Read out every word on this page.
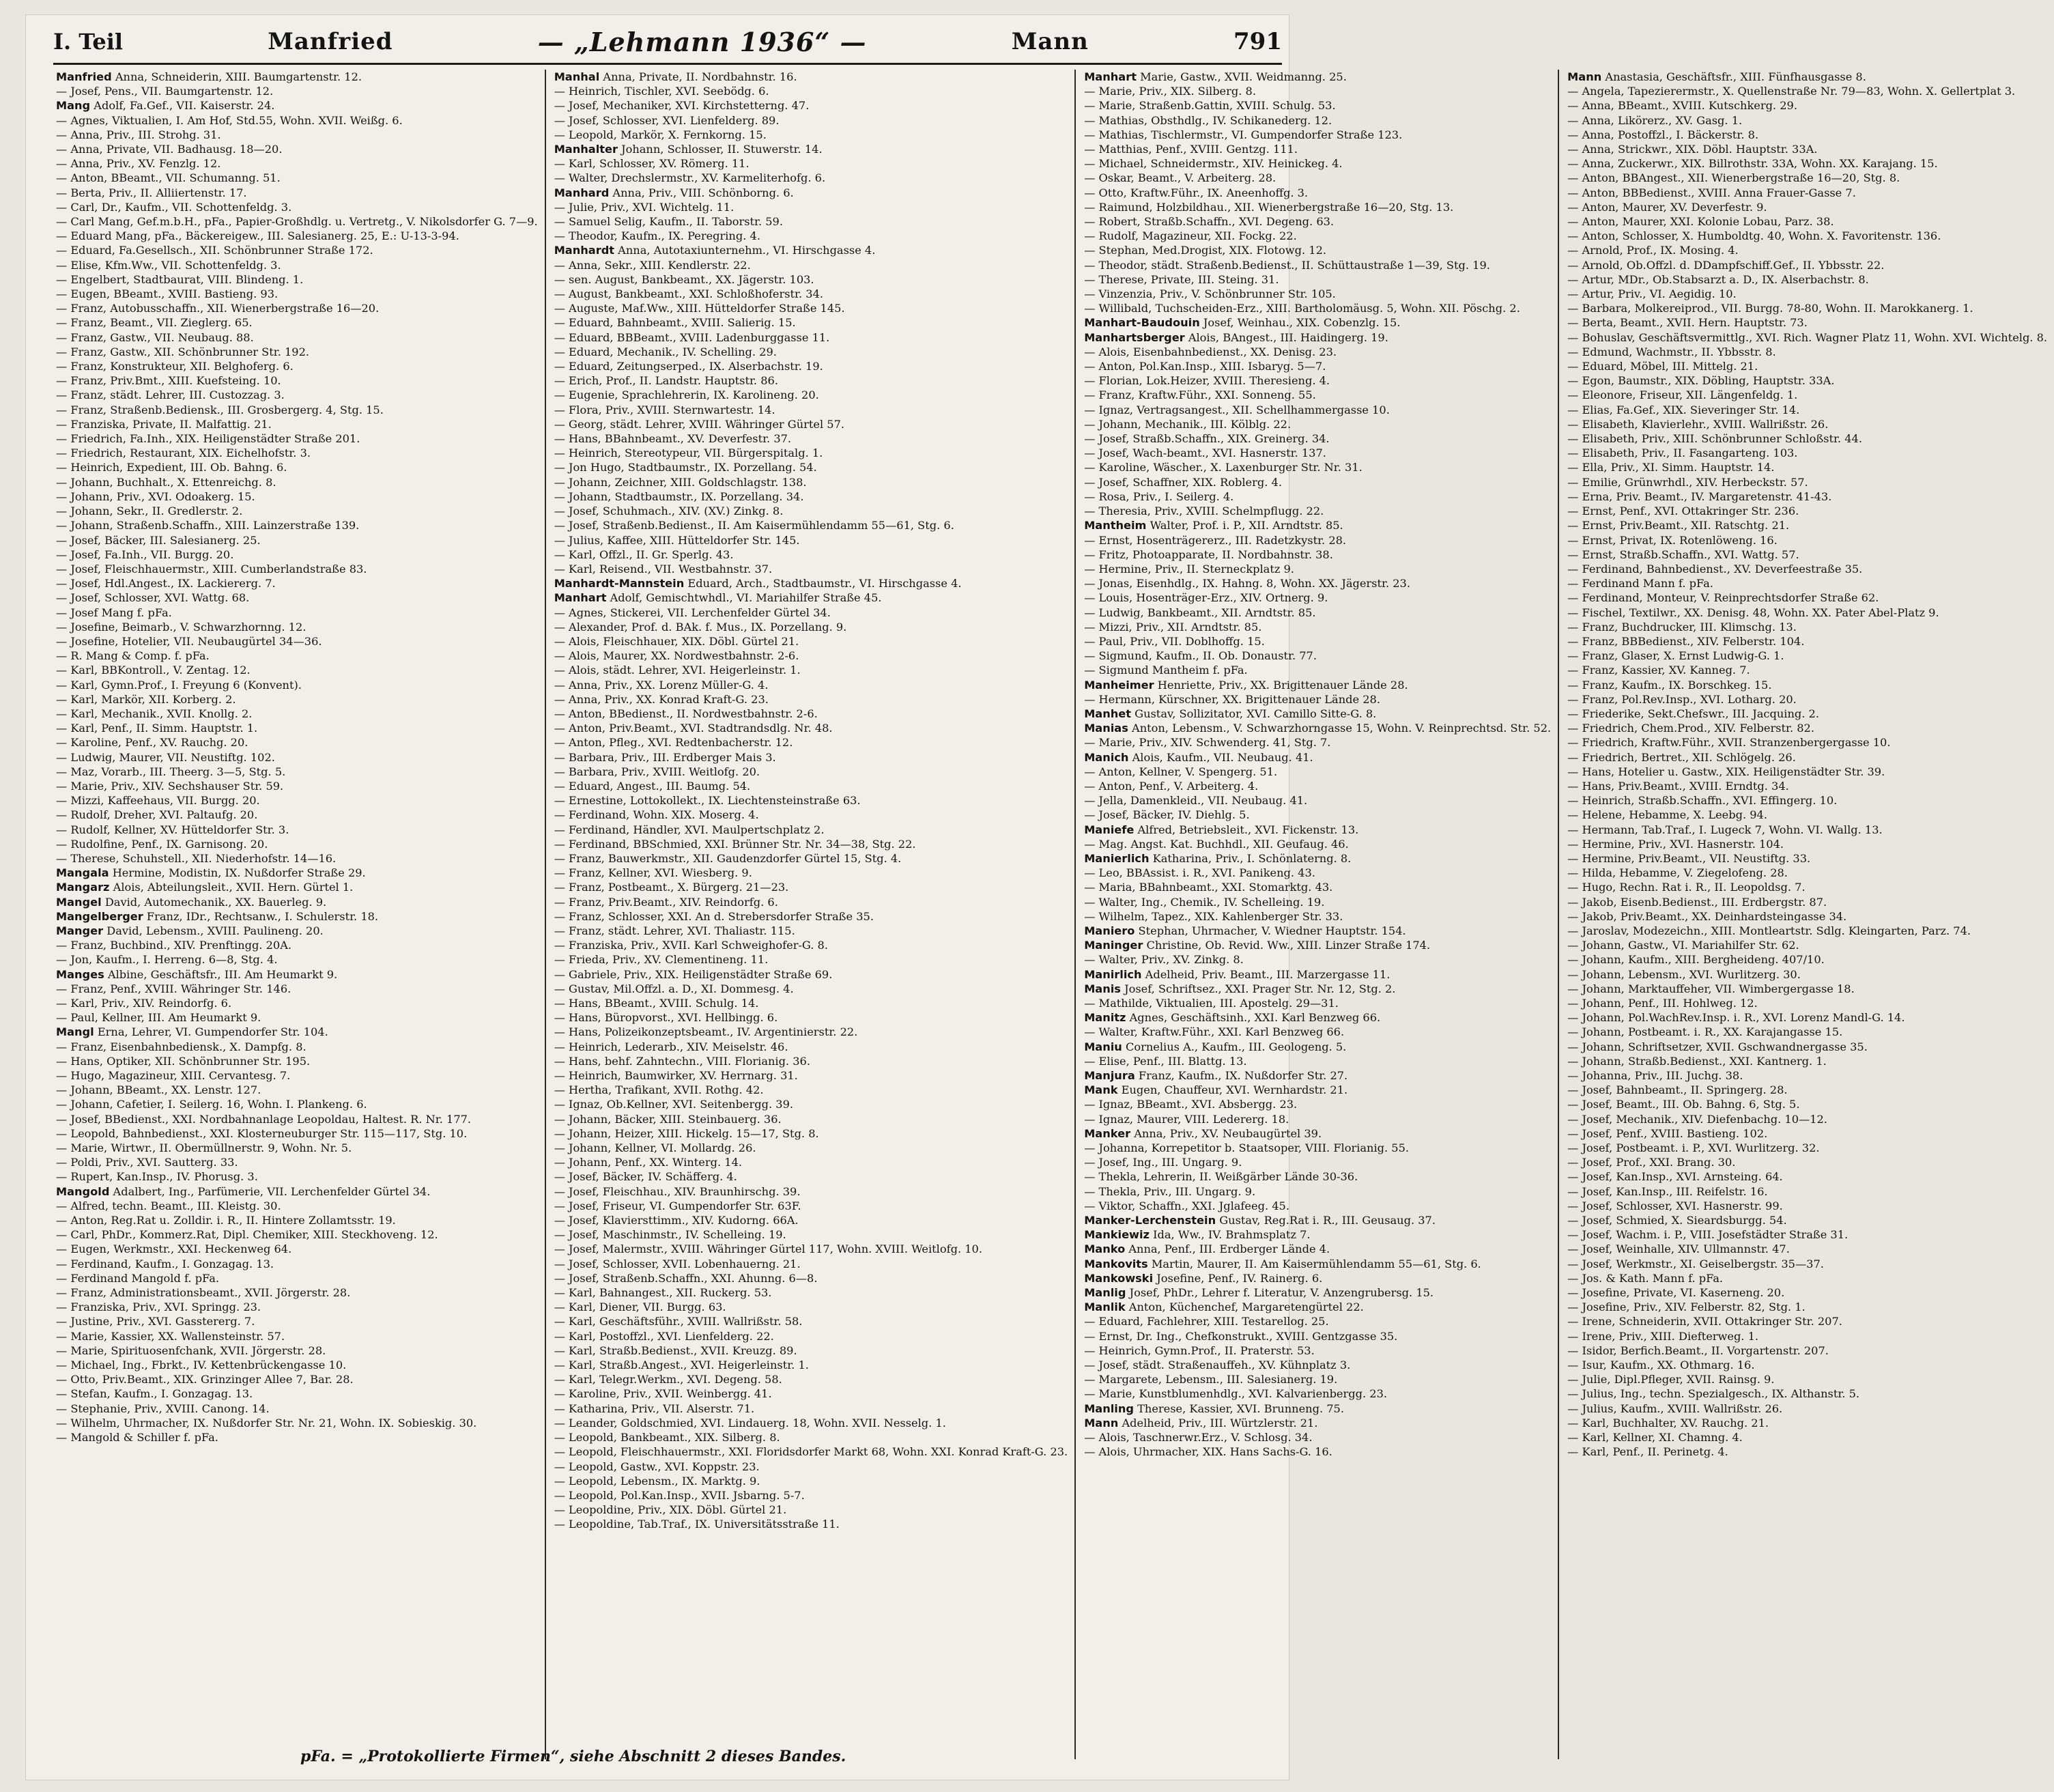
I. Teil	Manfried	— „Lehmann 1936“ —	Mann	791

Manfried Anna, Schneiderin, XIII. Baumgartenstr. 12.

— Josef, Pens., VII. Baumgartenstr. 12.

Mang Adolf, Fa.Gef., VII. Kaiserstr. 24.

— Agnes, Viktualien, I. Am Hof, Std.55, Wohn. XVII. Weißg. 6.

— Anna, Priv., III. Strohg. 31.

— Anna, Private, VII. Badhausg. 18—20.

— Anna, Priv., XV. Fenzlg. 12.

— Anton, BBeamt., VII. Schumanng. 51.

— Berta, Priv., II. Alliiertenstr. 17.

— Carl, Dr., Kaufm., VII. Schottenfeldg. 3.

— Carl Mang, Gef.m.b.H., pFa., Papier-Großhdlg. u. Vertretg., V. Nikolsdorfer G. 7—9.

— Eduard Mang, pFa., Bäckereigew., III. Salesianerg. 25, E.: U-13-3-94.

— Eduard, Fa.Gesellsch., XII. Schönbrunner Straße 172.

— Elise, Kfm.Ww., VII. Schottenfeldg. 3.

— Engelbert, Stadtbaurat, VIII. Blindeng. 1.

— Eugen, BBeamt., XVIII. Bastieng. 93.

— Franz, Autobusschaffn., XII. Wienerbergstraße 16—20.

— Franz, Beamt., VII. Zieglerg. 65.

— Franz, Gastw., VII. Neubaug. 88.

— Franz, Gastw., XII. Schönbrunner Str. 192.

— Franz, Konstrukteur, XII. Belghoferg. 6.

— Franz, Priv.Bmt., XIII. Kuefsteing. 10.

— Franz, städt. Lehrer, III. Custozzag. 3.

— Franz, Straßenb.Bediensk., III. Grosbergerg. 4, Stg. 15.

— Franziska, Private, II. Malfattig. 21.

— Friedrich, Fa.Inh., XIX. Heiligenstädter Straße 201.

— Friedrich, Restaurant, XIX. Eichelhofstr. 3.

— Heinrich, Expedient, III. Ob. Bahng. 6.

— Johann, Buchhalt., X. Ettenreichg. 8.

— Johann, Priv., XVI. Odoakerg. 15.

— Johann, Sekr., II. Gredlerstr. 2.

— Johann, Straßenb.Schaffn., XIII. Lainzerstraße 139.

— Josef, Bäcker, III. Salesianerg. 25.

— Josef, Fa.Inh., VII. Burgg. 20.

— Josef, Fleischhauermstr., XIII. Cumberlandstraße 83.

— Josef, Hdl.Angest., IX. Lackiererg. 7.

— Josef, Schlosser, XVI. Wattg. 68.

— Josef Mang f. pFa.

— Josefine, Beimarb., V. Schwarzhornng. 12.

— Josefine, Hotelier, VII. Neubaugürtel 34—36.

— R. Mang & Comp. f. pFa.

— Karl, BBKontroll., V. Zentag. 12.

— Karl, Gymn.Prof., I. Freyung 6 (Konvent).

— Karl, Markör, XII. Korberg. 2.

— Karl, Mechanik., XVII. Knollg. 2.

— Karl, Penf., II. Simm. Hauptstr. 1.

— Karoline, Penf., XV. Rauchg. 20.

— Ludwig, Maurer, VII. Neustiftg. 102.

— Maz, Vorarb., III. Theerg. 3—5, Stg. 5.

— Marie, Priv., XIV. Sechshauser Str. 59.

— Mizzi, Kaffeehaus, VII. Burgg. 20.

— Rudolf, Dreher, XVI. Paltaufg. 20.

— Rudolf, Kellner, XV. Hütteldorfer Str. 3.

— Rudolfine, Penf., IX. Garnisong. 20.

— Therese, Schuhstell., XII. Niederhofstr. 14—16.

Mangala Hermine, Modistin, IX. Nußdorfer Straße 29.

Mangarz Alois, Abteilungsleit., XVII. Hern. Gürtel 1.

Mangel David, Automechanik., XX. Bauerleg. 9.

Mangelberger Franz, IDr., Rechtsanw., I. Schulerstr. 18.

Manger David, Lebensm., XVIII. Paulineng. 20.

— Franz, Buchbind., XIV. Prenftingg. 20A.

— Jon, Kaufm., I. Herreng. 6—8, Stg. 4.

Manges Albine, Geschäftsfr., III. Am Heumarkt 9.

— Franz, Penf., XVIII. Währinger Str. 146.

— Karl, Priv., XIV. Reindorfg. 6.

— Paul, Kellner, III. Am Heumarkt 9.

Mangl Erna, Lehrer, VI. Gumpendorfer Str. 104.

— Franz, Eisenbahnbediensk., X. Dampfg. 8.

— Hans, Optiker, XII. Schönbrunner Str. 195.

— Hugo, Magazineur, XIII. Cervantesg. 7.

— Johann, BBeamt., XX. Lenstr. 127.

— Johann, Cafetier, I. Seilerg. 16, Wohn. I. Plankeng. 6.

— Josef, BBedienst., XXI. Nordbahnanlage Leopoldau, Haltest. R. Nr. 177.

— Leopold, Bahnbedienst., XXI. Klosterneuburger Str. 115—117, Stg. 10.

— Marie, Wirtwr., II. Obermüllnerstr. 9, Wohn. Nr. 5.

— Poldi, Priv., XVI. Sautterg. 33.

— Rupert, Kan.Insp., IV. Phorusg. 3.

Mangold Adalbert, Ing., Parfümerie, VII. Lerchenfelder Gürtel 34.

— Alfred, techn. Beamt., III. Kleistg. 30.

— Anton, Reg.Rat u. Zolldir. i. R., II. Hintere Zollamtsstr. 19.

— Carl, PhDr., Kommerz.Rat, Dipl. Chemiker, XIII. Steckhoveng. 12.

— Eugen, Werkmstr., XXI. Heckenweg 64.

— Ferdinand, Kaufm., I. Gonzagag. 13.

— Ferdinand Mangold f. pFa.

— Franz, Administrationsbeamt., XVII. Jörgerstr. 28.

— Franziska, Priv., XVI. Springg. 23.

— Justine, Priv., XVI. Gasstererg. 7.

— Marie, Kassier, XX. Wallensteinstr. 57.

— Marie, Spirituosenfchank, XVII. Jörgerstr. 28.

— Michael, Ing., Fbrkt., IV. Kettenbrückengasse 10.

— Otto, Priv.Beamt., XIX. Grinzinger Allee 7, Bar. 28.

— Stefan, Kaufm., I. Gonzagag. 13.

— Stephanie, Priv., XVIII. Canong. 14.

— Wilhelm, Uhrmacher, IX. Nußdorfer Str. Nr. 21, Wohn. IX. Sobieskig. 30.

— Mangold & Schiller f. pFa.

Manhal Anna, Private, II. Nordbahnstr. 16.

— Heinrich, Tischler, XVI. Seebödg. 6.

— Josef, Mechaniker, XVI. Kirchstetterng. 47.

— Josef, Schlosser, XVI. Lienfelderg. 89.

— Leopold, Markör, X. Fernkorng. 15.

Manhalter Johann, Schlosser, II. Stuwerstr. 14.

— Karl, Schlosser, XV. Römerg. 11.

— Walter, Drechslermstr., XV. Karmeliterhofg. 6.

Manhard Anna, Priv., VIII. Schönborng. 6.

— Julie, Priv., XVI. Wichtelg. 11.

— Samuel Selig, Kaufm., II. Taborstr. 59.

— Theodor, Kaufm., IX. Peregring. 4.

Manhardt Anna, Autotaxiunternehm., VI. Hirschgasse 4.

— Anna, Sekr., XIII. Kendlerstr. 22.

— sen. August, Bankbeamt., XX. Jägerstr. 103.

— August, Bankbeamt., XXI. Schloßhoferstr. 34.

— Auguste, Maf.Ww., XIII. Hütteldorfer Straße 145.

— Eduard, Bahnbeamt., XVIII. Salierig. 15.

— Eduard, BBBeamt., XVIII. Ladenburggasse 11.

— Eduard, Mechanik., IV. Schelling. 29.

— Eduard, Zeitungserped., IX. Alserbachstr. 19.

— Erich, Prof., II. Landstr. Hauptstr. 86.

— Eugenie, Sprachlehrerin, IX. Karolineng. 20.

— Flora, Priv., XVIII. Sternwartestr. 14.

— Georg, städt. Lehrer, XVIII. Währinger Gürtel 57.

— Hans, BBahnbeamt., XV. Deverfestr. 37.

— Heinrich, Stereotypeur, VII. Bürgerspitalg. 1.

— Jon Hugo, Stadtbaumstr., IX. Porzellang. 54.

— Johann, Zeichner, XIII. Goldschlagstr. 138.

— Johann, Stadtbaumstr., IX. Porzellang. 34.

— Josef, Schuhmach., XIV. (XV.) Zinkg. 8.

— Josef, Straßenb.Bedienst., II. Am Kaisermühlendamm 55—61, Stg. 6.

— Julius, Kaffee, XIII. Hütteldorfer Str. 145.

— Karl, Offzl., II. Gr. Sperlg. 43.

— Karl, Reisend., VII. Westbahnstr. 37.

Manhardt-Mannstein Eduard, Arch., Stadtbaumstr., VI. Hirschgasse 4.

Manhart Adolf, Gemischtwhdl., VI. Mariahilfer Straße 45.

— Agnes, Stickerei, VII. Lerchenfelder Gürtel 34.

— Alexander, Prof. d. BAk. f. Mus., IX. Porzellang. 9.

— Alois, Fleischhauer, XIX. Döbl. Gürtel 21.

— Alois, Maurer, XX. Nordwestbahnstr. 2-6.

— Alois, städt. Lehrer, XVI. Heigerleinstr. 1.

— Anna, Priv., XX. Lorenz Müller-G. 4.

— Anna, Priv., XX. Konrad Kraft-G. 23.

— Anton, BBedienst., II. Nordwestbahnstr. 2-6.

— Anton, Priv.Beamt., XVI. Stadtrandsdlg. Nr. 48.

— Anton, Pfleg., XVI. Redtenbacherstr. 12.

— Barbara, Priv., III. Erdberger Mais 3.

— Barbara, Priv., XVIII. Weitlofg. 20.

— Eduard, Angest., III. Baumg. 54.

— Ernestine, Lottokollekt., IX. Liechtensteinstraße 63.

— Ferdinand, Wohn. XIX. Moserg. 4.

— Ferdinand, Händler, XVI. Maulpertschplatz 2.

— Ferdinand, BBSchmied, XXI. Brünner Str. Nr. 34—38, Stg. 22.

— Franz, Bauwerkmstr., XII. Gaudenzdorfer Gürtel 15, Stg. 4.

— Franz, Kellner, XVI. Wiesberg. 9.

— Franz, Postbeamt., X. Bürgerg. 21—23.

— Franz, Priv.Beamt., XIV. Reindorfg. 6.

— Franz, Schlosser, XXI. An d. Strebersdorfer Straße 35.

— Franz, städt. Lehrer, XVI. Thaliastr. 115.

— Franziska, Priv., XVII. Karl Schweighofer-G. 8.

— Frieda, Priv., XV. Clementineng. 11.

— Gabriele, Priv., XIX. Heiligenstädter Straße 69.

— Gustav, Mil.Offzl. a. D., XI. Dommesg. 4.

— Hans, BBeamt., XVIII. Schulg. 14.

— Hans, Büropvorst., XVI. Hellbingg. 6.

— Hans, Polizeikonzeptsbeamt., IV. Argentinierstr. 22.

— Heinrich, Lederarb., XIV. Meiselstr. 46.

— Hans, behf. Zahntechn., VIII. Florianig. 36.

— Heinrich, Baumwirker, XV. Herrnarg. 31.

— Hertha, Trafikant, XVII. Rothg. 42.

— Ignaz, Ob.Kellner, XVI. Seitenbergg. 39.

— Johann, Bäcker, XIII. Steinbauerg. 36.

— Johann, Heizer, XIII. Hickelg. 15—17, Stg. 8.

— Johann, Kellner, VI. Mollardg. 26.

— Johann, Penf., XX. Winterg. 14.

— Josef, Bäcker, IV. Schäfferg. 4.

— Josef, Fleischhau., XIV. Braunhirschg. 39.

— Josef, Friseur, VI. Gumpendorfer Str. 63F.

— Josef, Klaviersttimm., XIV. Kudorng. 66A.

— Josef, Maschinmstr., IV. Schelleing. 19.

— Josef, Malermstr., XVIII. Währinger Gürtel 117, Wohn. XVIII. Weitlofg. 10.

— Josef, Schlosser, XVII. Lobenhauerng. 21.

— Josef, Straßenb.Schaffn., XXI. Ahunng. 6—8.

— Karl, Bahnangest., XII. Ruckerg. 53.

— Karl, Diener, VII. Burgg. 63.

— Karl, Geschäftsführ., XVIII. Wallrißstr. 58.

— Karl, Postoffzl., XVI. Lienfelderg. 22.

— Karl, Straßb.Bedienst., XVII. Kreuzg. 89.

— Karl, Straßb.Angest., XVI. Heigerleinstr. 1.

— Karl, Telegr.Werkm., XVI. Degeng. 58.

— Karoline, Priv., XVII. Weinbergg. 41.

— Katharina, Priv., VII. Alserstr. 71.

— Leander, Goldschmied, XVI. Lindauerg. 18, Wohn. XVII. Nesselg. 1.

— Leopold, Bankbeamt., XIX. Silberg. 8.

— Leopold, Fleischhauermstr., XXI. Floridsdorfer Markt 68, Wohn. XXI. Konrad Kraft-G. 23.

— Leopold, Gastw., XVI. Koppstr. 23.

— Leopold, Lebensm., IX. Marktg. 9.

— Leopold, Pol.Kan.Insp., XVII. Jsbarng. 5-7.

— Leopoldine, Priv., XIX. Döbl. Gürtel 21.

— Leopoldine, Tab.Traf., IX. Universitätsstraße 11.

Manhart Marie, Gastw., XVII. Weidmanng. 25.

— Marie, Priv., XIX. Silberg. 8.

— Marie, Straßenb.Gattin, XVIII. Schulg. 53.

— Mathias, Obsthdlg., IV. Schikanederg. 12.

— Mathias, Tischlermstr., VI. Gumpendorfer Straße 123.

— Matthias, Penf., XVIII. Gentzg. 111.

— Michael, Schneidermstr., XIV. Heinickeg. 4.

— Oskar, Beamt., V. Arbeiterg. 28.

— Otto, Kraftw.Führ., IX. Aneenhoffg. 3.

— Raimund, Holzbildhau., XII. Wienerbergstraße 16—20, Stg. 13.

— Robert, Straßb.Schaffn., XVI. Degeng. 63.

— Rudolf, Magazineur, XII. Fockg. 22.

— Stephan, Med.Drogist, XIX. Flotowg. 12.

— Theodor, städt. Straßenb.Bedienst., II. Schüttaustraße 1—39, Stg. 19.

— Therese, Private, III. Steing. 31.

— Vinzenzia, Priv., V. Schönbrunner Str. 105.

— Willibald, Tuchscheiden-Erz., XIII. Bartholomäusg. 5, Wohn. XII. Pöschg. 2.

Manhart-Baudouin Josef, Weinhau., XIX. Cobenzlg. 15.

Manhartsberger Alois, BAngest., III. Haidingerg. 19.

— Alois, Eisenbahnbedienst., XX. Denisg. 23.

— Anton, Pol.Kan.Insp., XIII. Isbaryg. 5—7.

— Florian, Lok.Heizer, XVIII. Theresieng. 4.

— Franz, Kraftw.Führ., XXI. Sonneng. 55.

— Ignaz, Vertragsangest., XII. Schellhammergasse 10.

— Johann, Mechanik., III. Kölblg. 22.

— Josef, Straßb.Schaffn., XIX. Greinerg. 34.

— Josef, Wach-beamt., XVI. Hasnerstr. 137.

— Karoline, Wäscher., X. Laxenburger Str. Nr. 31.

— Josef, Schaffner, XIX. Roblerg. 4.

— Rosa, Priv., I. Seilerg. 4.

— Theresia, Priv., XVIII. Schelmpflugg. 22.

Mantheim Walter, Prof. i. P., XII. Arndtstr. 85.

— Ernst, Hosenträgererz., III. Radetzkystr. 28.

— Fritz, Photoapparate, II. Nordbahnstr. 38.

— Hermine, Priv., II. Sterneckplatz 9.

— Jonas, Eisenhdlg., IX. Hahng. 8, Wohn. XX. Jägerstr. 23.

— Louis, Hosenträger-Erz., XIV. Ortnerg. 9.

— Ludwig, Bankbeamt., XII. Arndtstr. 85.

— Mizzi, Priv., XII. Arndtstr. 85.

— Paul, Priv., VII. Doblhoffg. 15.

— Sigmund, Kaufm., II. Ob. Donaustr. 77.

— Sigmund Mantheim f. pFa.

Manheimer Henriette, Priv., XX. Brigittenauer Lände 28.

— Hermann, Kürschner, XX. Brigittenauer Lände 28.

Manhet Gustav, Sollizitator, XVI. Camillo Sitte-G. 8.

Manias Anton, Lebensm., V. Schwarzhorngasse 15, Wohn. V. Reinprechtsd. Str. 52.

— Marie, Priv., XIV. Schwenderg. 41, Stg. 7.

Manich Alois, Kaufm., VII. Neubaug. 41.

— Anton, Kellner, V. Spengerg. 51.

— Anton, Penf., V. Arbeiterg. 4.

— Jella, Damenkleid., VII. Neubaug. 41.

— Josef, Bäcker, IV. Diehlg. 5.

Maniefe Alfred, Betriebsleit., XVI. Fickenstr. 13.

— Mag. Angst. Kat. Buchhdl., XII. Geufaug. 46.

Manierlich Katharina, Priv., I. Schönlaterng. 8.

— Leo, BBAssist. i. R., XVI. Panikeng. 43.

— Maria, BBahnbeamt., XXI. Stomarktg. 43.

— Walter, Ing., Chemik., IV. Schelleing. 19.

— Wilhelm, Tapez., XIX. Kahlenberger Str. 33.

Maniero Stephan, Uhrmacher, V. Wiedner Hauptstr. 154.

Maninger Christine, Ob. Revid. Ww., XIII. Linzer Straße 174.

— Walter, Priv., XV. Zinkg. 8.

Manirlich Adelheid, Priv. Beamt., III. Marzergasse 11.

Manis Josef, Schriftsez., XXI. Prager Str. Nr. 12, Stg. 2.

— Mathilde, Viktualien, III. Apostelg. 29—31.

Manitz Agnes, Geschäftsinh., XXI. Karl Benzweg 66.

— Walter, Kraftw.Führ., XXI. Karl Benzweg 66.

Maniu Cornelius A., Kaufm., III. Geologeng. 5.

— Elise, Penf., III. Blattg. 13.

Manjura Franz, Kaufm., IX. Nußdorfer Str. 27.

Mank Eugen, Chauffeur, XVI. Wernhardstr. 21.

— Ignaz, BBeamt., XVI. Absbergg. 23.

— Ignaz, Maurer, VIII. Ledererg. 18.

Manker Anna, Priv., XV. Neubaugürtel 39.

— Johanna, Korrepetitor b. Staatsoper, VIII. Florianig. 55.

— Josef, Ing., III. Ungarg. 9.

— Thekla, Lehrerin, II. Weißgärber Lände 30-36.

— Thekla, Priv., III. Ungarg. 9.

— Viktor, Schaffn., XXI. Jglafeeg. 45.

Manker-Lerchenstein Gustav, Reg.Rat i. R., III. Geusaug. 37.

Mankiewiz Ida, Ww., IV. Brahmsplatz 7.

Manko Anna, Penf., III. Erdberger Lände 4.

Mankovits Martin, Maurer, II. Am Kaisermühlendamm 55—61, Stg. 6.

Mankowski Josefine, Penf., IV. Rainerg. 6.

Manlig Josef, PhDr., Lehrer f. Literatur, V. Anzengrubersg. 15.

Manlik Anton, Küchenchef, Margaretengürtel 22.

— Eduard, Fachlehrer, XIII. Testarellog. 25.

— Ernst, Dr. Ing., Chefkonstrukt., XVIII. Gentzgasse 35.

— Heinrich, Gymn.Prof., II. Praterstr. 53.

— Josef, städt. Straßenauffeh., XV. Kühnplatz 3.

— Margarete, Lebensm., III. Salesianerg. 19.

— Marie, Kunstblumenhdlg., XVI. Kalvarienbergg. 23.

Manling Therese, Kassier, XVI. Brunneng. 75.

Mann Adelheid, Priv., III. Würtzlerstr. 21.

— Alois, Taschnerwr.Erz., V. Schlosg. 34.

— Alois, Uhrmacher, XIX. Hans Sachs-G. 16.

Mann Anastasia, Geschäftsfr., XIII. Fünfhausgasse 8.

— Angela, Tapezierermstr., X. Quellenstraße Nr. 79—83, Wohn. X. Gellertplat 3.

— Anna, BBeamt., XVIII. Kutschkerg. 29.

— Anna, Likörerz., XV. Gasg. 1.

— Anna, Postoffzl., I. Bäckerstr. 8.

— Anna, Strickwr., XIX. Döbl. Hauptstr. 33A.

— Anna, Zuckerwr., XIX. Billrothstr. 33A, Wohn. XX. Karajang. 15.

— Anton, BBAngest., XII. Wienerbergstraße 16—20, Stg. 8.

— Anton, BBBedienst., XVIII. Anna Frauer-Gasse 7.

— Anton, Maurer, XV. Deverfestr. 9.

— Anton, Maurer, XXI. Kolonie Lobau, Parz. 38.

— Anton, Schlosser, X. Humboldtg. 40, Wohn. X. Favoritenstr. 136.

— Arnold, Prof., IX. Mosing. 4.

— Arnold, Ob.Offzl. d. DDampfschiff.Gef., II. Ybbsstr. 22.

— Artur, MDr., Ob.Stabsarzt a. D., IX. Alserbachstr. 8.

— Artur, Priv., VI. Aegidig. 10.

— Barbara, Molkereiprod., VII. Burgg. 78-80, Wohn. II. Marokkanerg. 1.

— Berta, Beamt., XVII. Hern. Hauptstr. 73.

— Bohuslav, Geschäftsvermittlg., XVI. Rich. Wagner Platz 11, Wohn. XVI. Wichtelg. 8.

— Edmund, Wachmstr., II. Ybbsstr. 8.

— Eduard, Möbel, III. Mittelg. 21.

— Egon, Baumstr., XIX. Döbling, Hauptstr. 33A.

— Eleonore, Friseur, XII. Längenfeldg. 1.

— Elias, Fa.Gef., XIX. Sieveringer Str. 14.

— Elisabeth, Klavierlehr., XVIII. Wallrißstr. 26.

— Elisabeth, Priv., XIII. Schönbrunner Schloßstr. 44.

— Elisabeth, Priv., II. Fasangarteng. 103.

— Ella, Priv., XI. Simm. Hauptstr. 14.

— Emilie, Grünwrhdl., XIV. Herbeckstr. 57.

— Erna, Priv. Beamt., IV. Margaretenstr. 41-43.

— Ernst, Penf., XVI. Ottakringer Str. 236.

— Ernst, Priv.Beamt., XII. Ratschtg. 21.

— Ernst, Privat, IX. Rotenlöweng. 16.

— Ernst, Straßb.Schaffn., XVI. Wattg. 57.

— Ferdinand, Bahnbedienst., XV. Deverfeestraße 35.

— Ferdinand Mann f. pFa.

— Ferdinand, Monteur, V. Reinprechtsdorfer Straße 62.

— Fischel, Textilwr., XX. Denisg. 48, Wohn. XX. Pater Abel-Platz 9.

— Franz, Buchdrucker, III. Klimschg. 13.

— Franz, BBBedienst., XIV. Felberstr. 104.

— Franz, Glaser, X. Ernst Ludwig-G. 1.

— Franz, Kassier, XV. Kanneg. 7.

— Franz, Kaufm., IX. Borschkeg. 15.

— Franz, Pol.Rev.Insp., XVI. Lotharg. 20.

— Friederike, Sekt.Chefswr., III. Jacquing. 2.

— Friedrich, Chem.Prod., XIV. Felberstr. 82.

— Friedrich, Kraftw.Führ., XVII. Stranzenbergergasse 10.

— Friedrich, Bertret., XII. Schlögelg. 26.

— Hans, Hotelier u. Gastw., XIX. Heiligenstädter Str. 39.

— Hans, Priv.Beamt., XVIII. Erndtg. 34.

— Heinrich, Straßb.Schaffn., XVI. Effingerg. 10.

— Helene, Hebamme, X. Leebg. 94.

— Hermann, Tab.Traf., I. Lugeck 7, Wohn. VI. Wallg. 13.

— Hermine, Priv., XVI. Hasnerstr. 104.

— Hermine, Priv.Beamt., VII. Neustiftg. 33.

— Hilda, Hebamme, V. Ziegelofeng. 28.

— Hugo, Rechn. Rat i. R., II. Leopoldsg. 7.

— Jakob, Eisenb.Bedienst., III. Erdbergstr. 87.

— Jakob, Priv.Beamt., XX. Deinhardsteingasse 34.

— Jaroslav, Modezeichn., XIII. Montleartstr. Sdlg. Kleingarten, Parz. 74.

— Johann, Gastw., VI. Mariahilfer Str. 62.

— Johann, Kaufm., XIII. Bergheideng. 407/10.

— Johann, Lebensm., XVI. Wurlitzerg. 30.

— Johann, Marktauffeher, VII. Wimbergergasse 18.

— Johann, Penf., III. Hohlweg. 12.

— Johann, Pol.WachRev.Insp. i. R., XVI. Lorenz Mandl-G. 14.

— Johann, Postbeamt. i. R., XX. Karajangasse 15.

— Johann, Schriftsetzer, XVII. Gschwandnergasse 35.

— Johann, Straßb.Bedienst., XXI. Kantnerg. 1.

— Johanna, Priv., III. Juchg. 38.

— Josef, Bahnbeamt., II. Springerg. 28.

— Josef, Beamt., III. Ob. Bahng. 6, Stg. 5.

— Josef, Mechanik., XIV. Diefenbachg. 10—12.

— Josef, Penf., XVIII. Bastieng. 102.

— Josef, Postbeamt. i. P., XVI. Wurlitzerg. 32.

— Josef, Prof., XXI. Brang. 30.

— Josef, Kan.Insp., XVI. Arnsteing. 64.

— Josef, Kan.Insp., III. Reifelstr. 16.

— Josef, Schlosser, XVI. Hasnerstr. 99.

— Josef, Schmied, X. Sieardsburgg. 54.

— Josef, Wachm. i. P., VIII. Josefstädter Straße 31.

— Josef, Weinhalle, XIV. Ullmannstr. 47.

— Josef, Werkmstr., XI. Geiselbergstr. 35—37.

— Jos. & Kath. Mann f. pFa.

— Josefine, Private, VI. Kaserneng. 20.

— Josefine, Priv., XIV. Felberstr. 82, Stg. 1.

— Irene, Schneiderin, XVII. Ottakringer Str. 207.

— Irene, Priv., XIII. Diefterweg. 1.

— Isidor, Berfich.Beamt., II. Vorgartenstr. 207.

— Isur, Kaufm., XX. Othmarg. 16.

— Julie, Dipl.Pfleger, XVII. Rainsg. 9.

— Julius, Ing., techn. Spezialgesch., IX. Althanstr. 5.

— Julius, Kaufm., XVIII. Wallrißstr. 26.

— Karl, Buchhalter, XV. Rauchg. 21.

— Karl, Kellner, XI. Chamng. 4.

— Karl, Penf., II. Perinetg. 4.

pFa. = „Protokollierte Firmen“, siehe Abschnitt 2 dieses Bandes.
